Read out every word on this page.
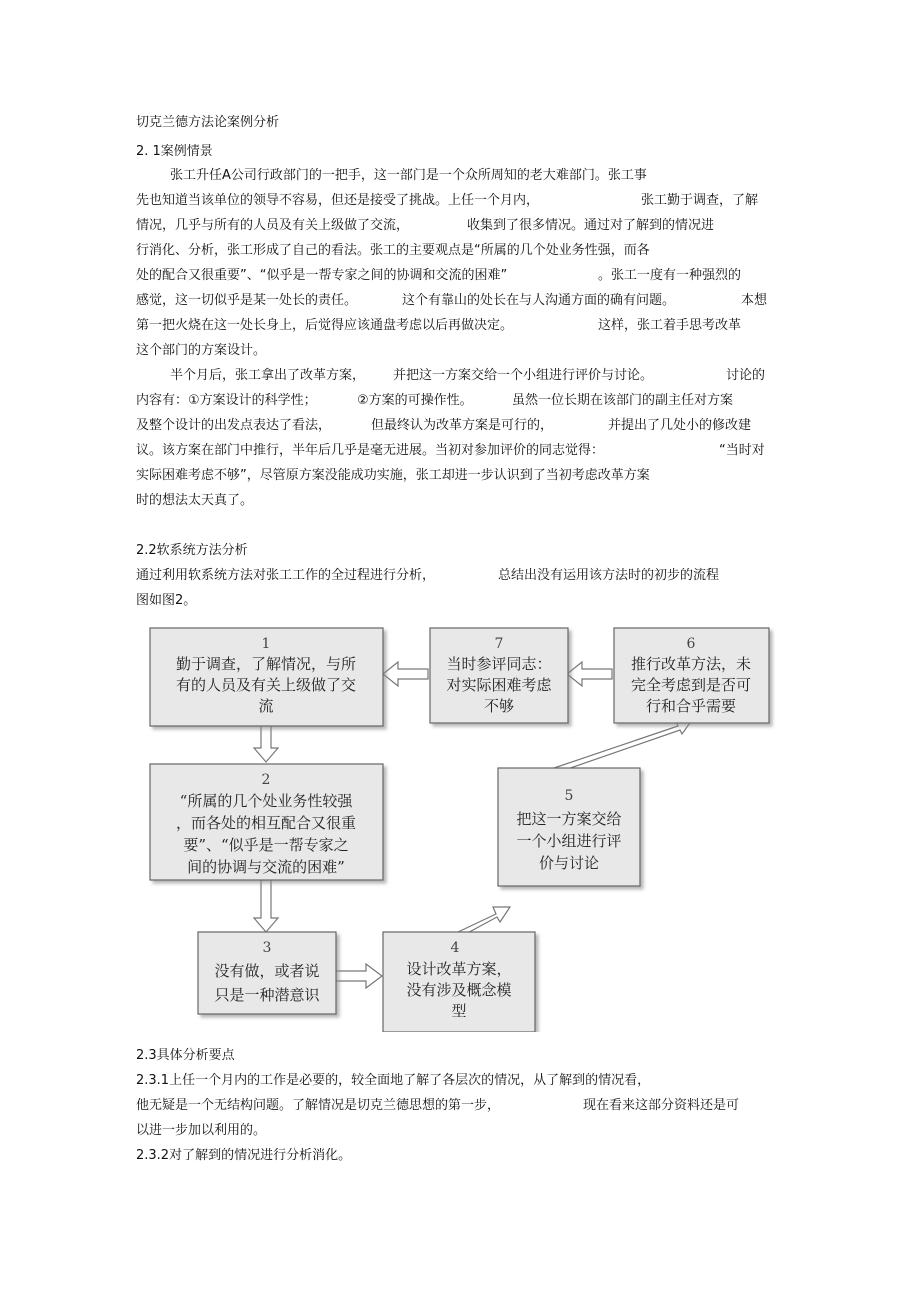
切克兰德方法论案例分析
2. 1案例情景
张工升任A公司行政部门的一把手，这一部门是一个众所周知的老大难部门。张工事
先也知道当该单位的领导不容易，但还是接受了挑战。上任一个月内，	张工勤于调查，了解
情况，几乎与所有的人员及有关上级做了交流，	收集到了很多情况。通过对了解到的情况进
行消化、分析，张工形成了自己的看法。张工的主要观点是“所属的几个处业务性强，而各
处的配合又很重要”、“似乎是一帮专家之间的协调和交流的困难”	。张工一度有一种强烈的
感觉，这一切似乎是某一处长的责任。	这个有靠山的处长在与人沟通方面的确有问题。	本想
第一把火烧在这一处长身上，后觉得应该通盘考虑以后再做决定。	这样，张工着手思考改革
这个部门的方案设计。
半个月后，张工拿出了改革方案， 并把这一方案交给一个小组进行评价与讨论。	讨论的
内容有：①方案设计的科学性；	②方案的可操作性。	虽然一位长期在该部门的副主任对方案
及整个设计的出发点表达了看法，	但最终认为改革方案是可行的，	并提出了几处小的修改建
议。该方案在部门中推行，半年后几乎是毫无进展。当初对参加评价的同志觉得：	“当时对
实际困难考虑不够”，尽管原方案没能成功实施，张工却进一步认识到了当初考虑改革方案
时的想法太天真了。
2.2软系统方法分析
通过利用软系统方法对张工工作的全过程进行分析，	总结出没有运用该方法时的初步的流程
图如图2。
1
勤于调查，了解情况，与所
有的人员及有关上级做了交
流
2
“所属的几个处业务性较强
，而各处的相互配合又很重
要”、“似乎是一帮专家之
间的协调与交流的困难”
3
没有做，或者说
只是一种潜意识
4
设计改革方案，
没有涉及概念模
型
5
把这一方案交给
一个小组进行评
价与讨论
6
推行改革方法，未
完全考虑到是否可
行和合乎需要
7
当时参评同志：
对实际困难考虑
不够
2.3具体分析要点
2.3.1上任一个月内的工作是必要的，较全面地了解了各层次的情况，从了解到的情况看，
他无疑是一个无结构问题。了解情况是切克兰德思想的第一步，	现在看来这部分资料还是可
以进一步加以利用的。
2.3.2对了解到的情况进行分析消化。
